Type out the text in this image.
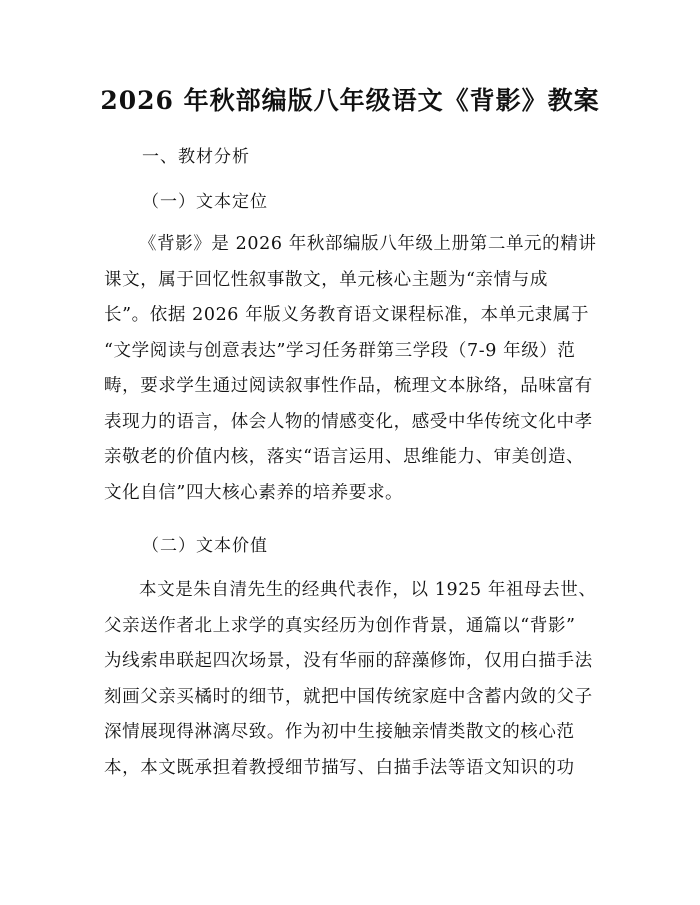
2026 年秋部编版八年级语文《背影》教案
一、教材分析
（一）文本定位
《背影》是 2026 年秋部编版八年级上册第二单元的精讲
课文，属于回忆性叙事散文，单元核心主题为“亲情与成
长”。依据 2026 年版义务教育语文课程标准，本单元隶属于
“文学阅读与创意表达”学习任务群第三学段（7-9 年级）范
畴，要求学生通过阅读叙事性作品，梳理文本脉络，品味富有
表现力的语言，体会人物的情感变化，感受中华传统文化中孝
亲敬老的价值内核，落实“语言运用、思维能力、审美创造、
文化自信”四大核心素养的培养要求。
（二）文本价值
本文是朱自清先生的经典代表作，以 1925 年祖母去世、
父亲送作者北上求学的真实经历为创作背景，通篇以“背影”
为线索串联起四次场景，没有华丽的辞藻修饰，仅用白描手法
刻画父亲买橘时的细节，就把中国传统家庭中含蓄内敛的父子
深情展现得淋漓尽致。作为初中生接触亲情类散文的核心范
本，本文既承担着教授细节描写、白描手法等语文知识的功
